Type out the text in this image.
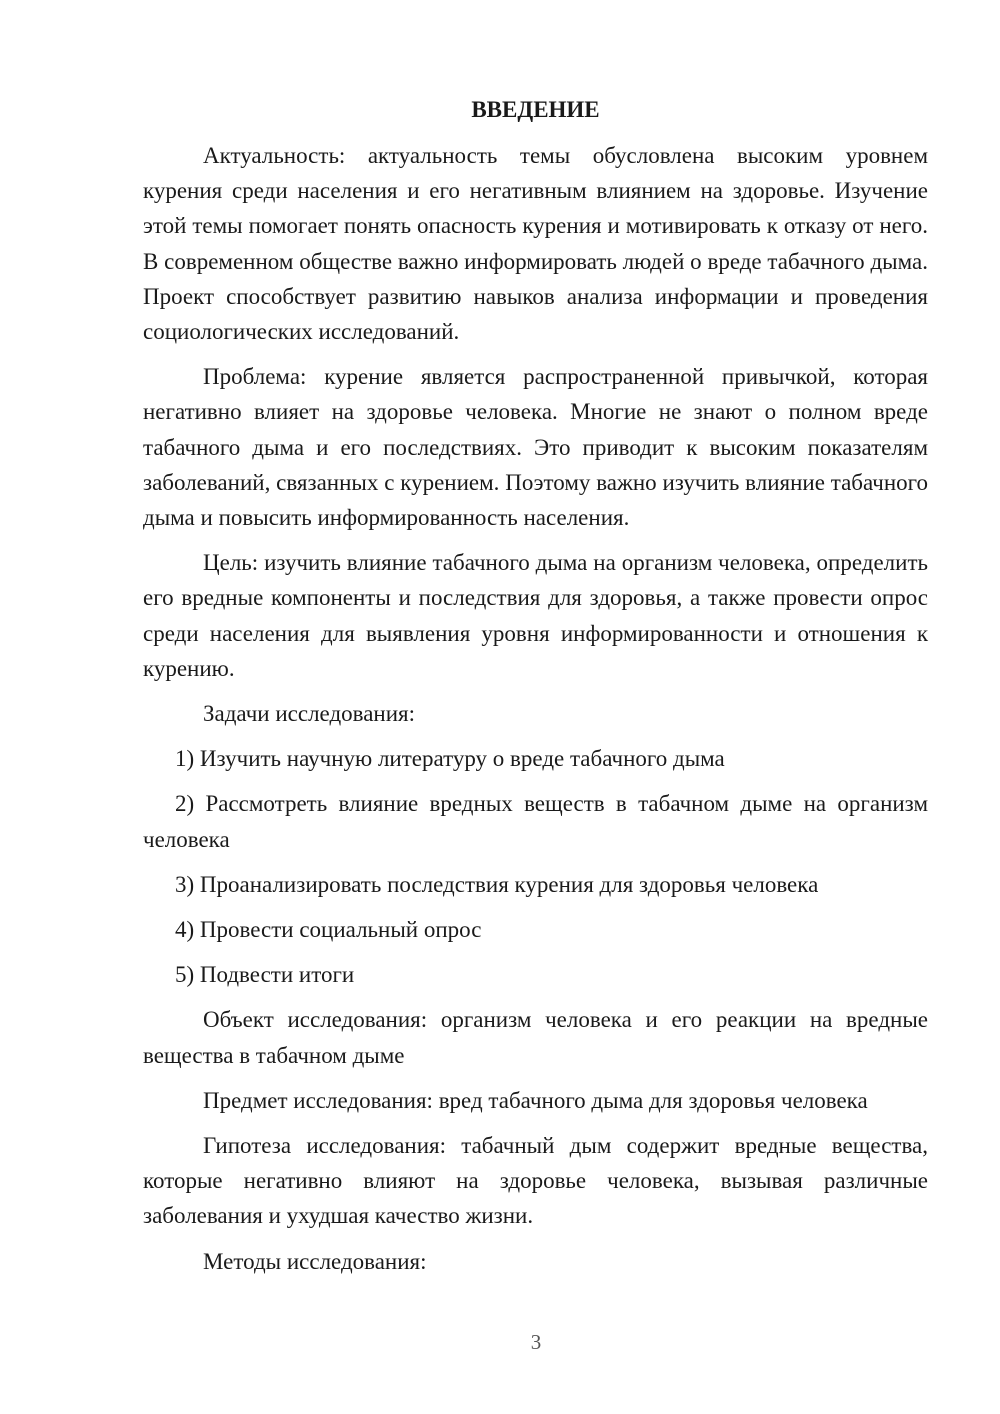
ВВЕДЕНИЕ

Актуальность: актуальность темы обусловлена высоким уровнем курения среди населения и его негативным влиянием на здоровье. Изучение этой темы помогает понять опасность курения и мотивировать к отказу от него. В современном обществе важно информировать людей о вреде табачного дыма. Проект способствует развитию навыков анализа информации и проведения социологических исследований.

Проблема: курение является распространенной привычкой, которая негативно влияет на здоровье человека. Многие не знают о полном вреде табачного дыма и его последствиях. Это приводит к высоким показателям заболеваний, связанных с курением. Поэтому важно изучить влияние табачного дыма и повысить информированность населения.

Цель: изучить влияние табачного дыма на организм человека, определить его вредные компоненты и последствия для здоровья, а также провести опрос среди населения для выявления уровня информированности и отношения к курению.

Задачи исследования:

1) Изучить научную литературу о вреде табачного дыма

2) Рассмотреть влияние вредных веществ в табачном дыме на организм человека

3) Проанализировать последствия курения для здоровья человека

4) Провести социальный опрос

5) Подвести итоги

Объект исследования: организм человека и его реакции на вредные вещества в табачном дыме

Предмет исследования: вред табачного дыма для здоровья человека

Гипотеза исследования: табачный дым содержит вредные вещества, которые негативно влияют на здоровье человека, вызывая различные заболевания и ухудшая качество жизни.

Методы исследования:

3
